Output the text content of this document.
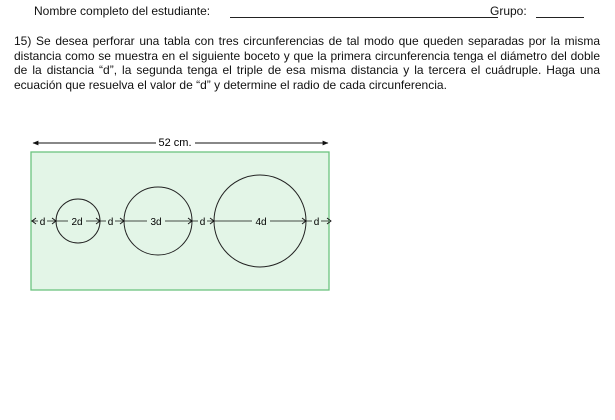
Nombre completo del estudiante:	Grupo:
15) Se desea perforar una tabla con tres circunferencias de tal modo que queden separadas por la misma distancia como se muestra en el siguiente boceto y que la primera circunferencia tenga el diámetro del doble de la distancia “d”, la segunda tenga el triple de esa misma distancia y la tercera el cuádruple. Haga una ecuación que resuelva el valor de “d” y determine el radio de cada circunferencia.
52 cm.
d	2d	d	3d	d	4d	d
